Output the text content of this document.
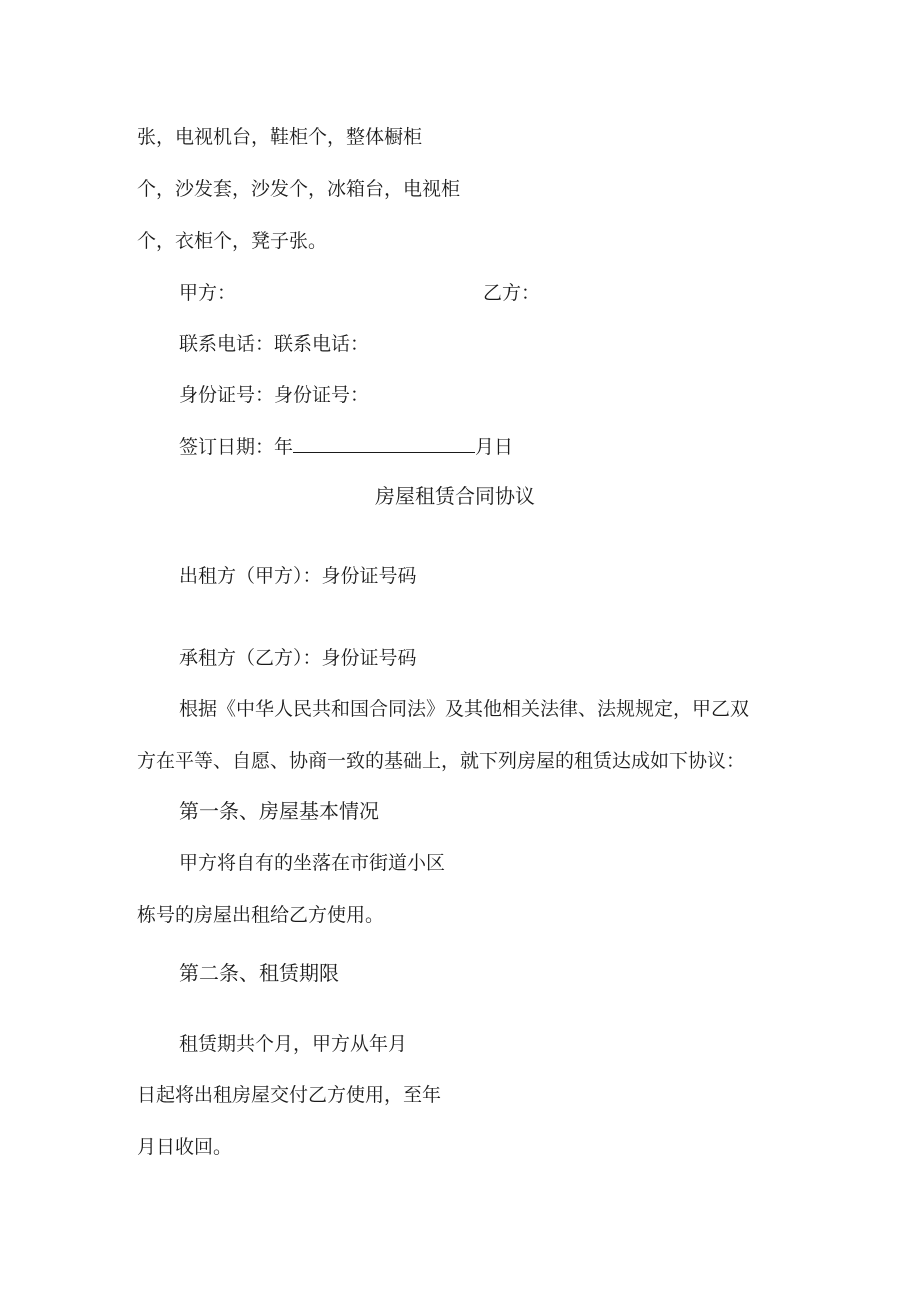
张，电视机台，鞋柜个，整体橱柜
个，沙发套，沙发个，冰箱台，电视柜
个，衣柜个，凳子张。
甲方：	乙方：
联系电话：联系电话：
身份证号：身份证号：
签订日期：年	月日
房屋租赁合同协议
出租方（甲方）：身份证号码
承租方（乙方）：身份证号码
根据《中华人民共和国合同法》及其他相关法律、法规规定，甲乙双
方在平等、自愿、协商一致的基础上，就下列房屋的租赁达成如下协议：
第一条、房屋基本情况
甲方将自有的坐落在市街道小区
栋号的房屋出租给乙方使用。
第二条、租赁期限
租赁期共个月，甲方从年月
日起将出租房屋交付乙方使用，至年
月日收回。
